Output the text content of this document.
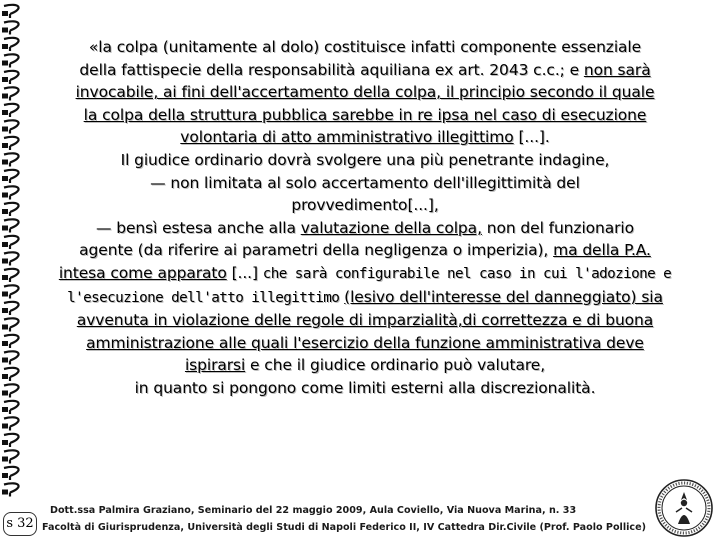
«la colpa (unitamente al dolo) costituisce infatti componente essenziale

della fattispecie della responsabilità aquiliana ex art. 2043 c.c.; e non sarà

invocabile, ai fini dell'accertamento della colpa, il principio secondo il quale

la colpa della struttura pubblica sarebbe in re ipsa nel caso di esecuzione

volontaria di atto amministrativo illegittimo [...].

Il giudice ordinario dovrà svolgere una più penetrante indagine,

— non limitata al solo accertamento dell'illegittimità del

provvedimento[...],

— bensì estesa anche alla valutazione della colpa, non del funzionario

agente (da riferire ai parametri della negligenza o imperizia), ma della P.A.

intesa come apparato [...] che sarà configurabile nel caso in cui l'adozione e

l'esecuzione dell'atto illegittimo (lesivo dell'interesse del danneggiato) sia

avvenuta in violazione delle regole di imparzialità,di correttezza e di buona

amministrazione alle quali l'esercizio della funzione amministrativa deve

ispirarsi e che il giudice ordinario può valutare,

in quanto si pongono come limiti esterni alla discrezionalità.

Dott.ssa Palmira Graziano, Seminario del 22 maggio 2009, Aula Coviello, Via Nuova Marina, n. 33
Facoltà di Giurisprudenza, Università degli Studi di Napoli Federico II, IV Cattedra Dir.Civile (Prof. Paolo Pollice)
s 32
